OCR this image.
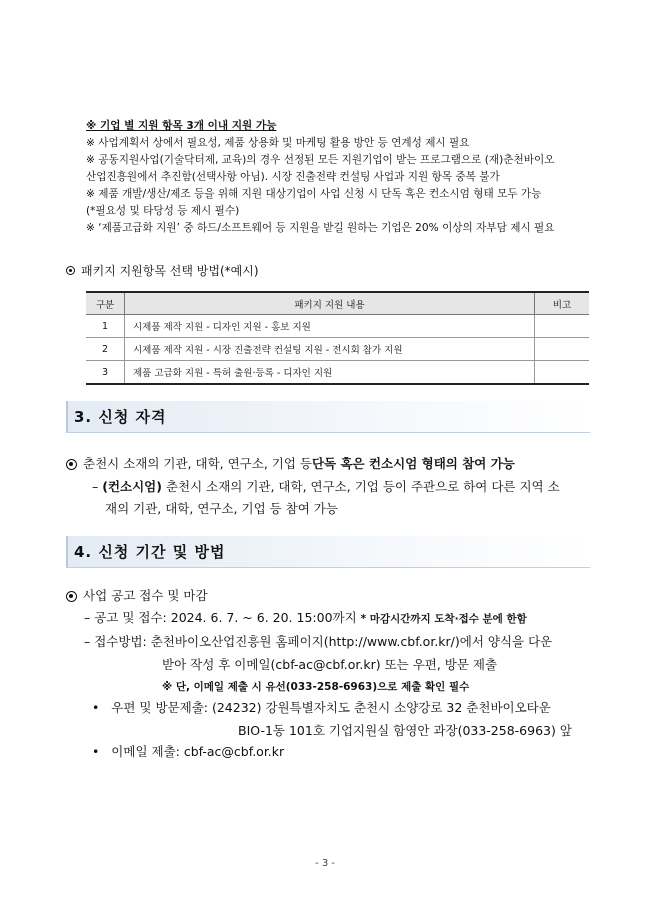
※ 기업 별 지원 항목 3개 이내 지원 가능
※ 사업계획서 상에서 필요성, 제품 상용화 및 마케팅 활용 방안 등 연계성 제시 필요
※ 공동지원사업(기술닥터제, 교육)의 경우 선정된 모든 지원기업이 받는 프로그램으로 (재)춘천바이오
산업진흥원에서 추진함(선택사항 아님). 시장 진출전략 컨설팅 사업과 지원 항목 중복 불가
※ 제품 개발/생산/제조 등을 위해 지원 대상기업이 사업 신청 시 단독 혹은 컨소시엄 형태 모두 가능
(*필요성 및 타당성 등 제시 필수)
※ ‘제품고급화 지원’ 중 하드/소프트웨어 등 지원을 받길 원하는 기업은 20% 이상의 자부담 제시 필요
패키지 지원항목 선택 방법(*예시)
구분	패키지 지원 내용	비고
1	시제품 제작 지원 - 디자인 지원 - 홍보 지원	
2	시제품 제작 지원 - 시장 진출전략 컨설팅 지원 - 전시회 참가 지원	
3	제품 고급화 지원 - 특허 출원·등록 - 디자인 지원	
3. 신청 자격
춘천시 소재의 기관, 대학, 연구소, 기업 등 단독 혹은 컨소시엄 형태의 참여 가능
– (컨소시엄) 춘천시 소재의 기관, 대학, 연구소, 기업 등이 주관으로 하여 다른 지역 소
재의 기관, 대학, 연구소, 기업 등 참여 가능
4. 신청 기간 및 방법
사업 공고 접수 및 마감
– 공고 및 접수: 2024. 6. 7. ~ 6. 20. 15:00까지 * 마감시간까지 도착·접수 분에 한함
– 접수방법: 춘천바이오산업진흥원 홈페이지(http://www.cbf.or.kr/)에서 양식을 다운
받아 작성 후 이메일(cbf-ac@cbf.or.kr) 또는 우편, 방문 제출
※ 단, 이메일 제출 시 유선(033-258-6963)으로 제출 확인 필수
•   우편 및 방문제출: (24232) 강원특별자치도 춘천시 소양강로 32 춘천바이오타운
BIO-1동 101호 기업지원실 함영안 과장(033-258-6963) 앞
•   이메일 제출: cbf-ac@cbf.or.kr
- 3 -
